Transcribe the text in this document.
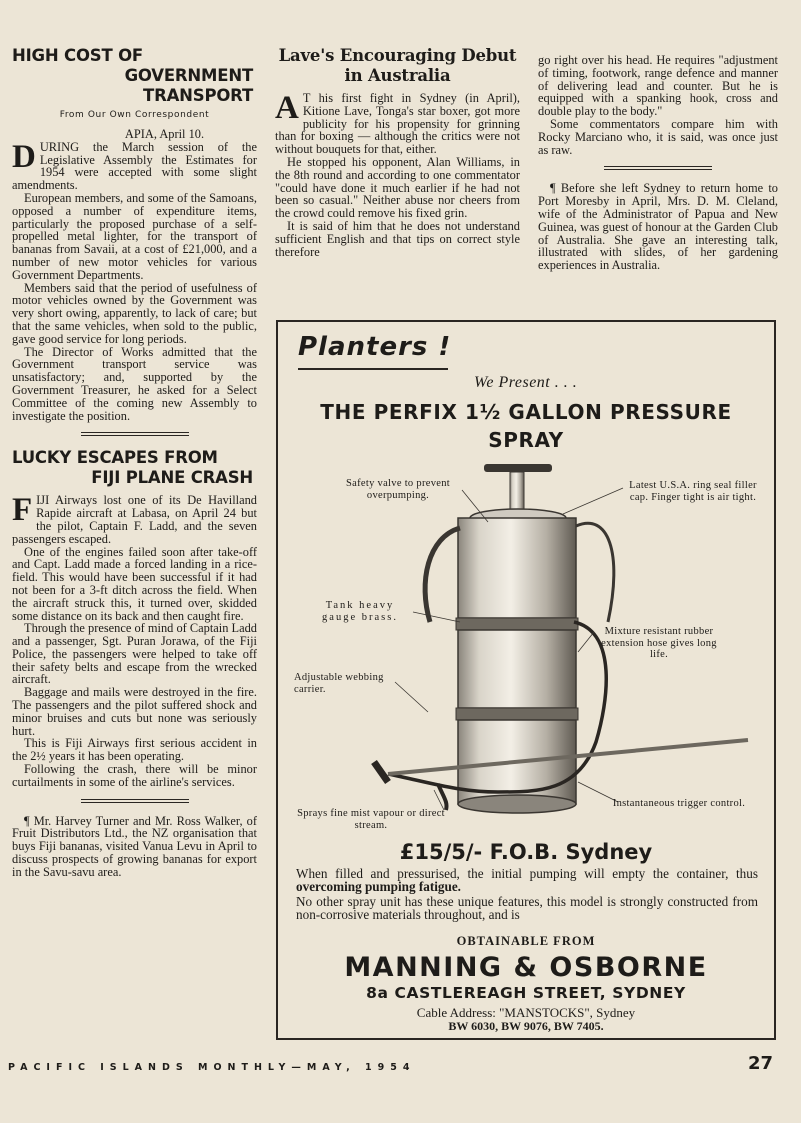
HIGH COST OF
GOVERNMENT TRANSPORT
From Our Own Correspondent

APIA, April 10.

DURING the March session of the Legislative Assembly the Estimates for 1954 were accepted with some slight amendments.

European members, and some of the Samoans, opposed a number of expenditure items, particularly the proposed purchase of a self-propelled metal lighter, for the transport of bananas from Savaii, at a cost of £21,000, and a number of new motor vehicles for various Government Departments.

Members said that the period of usefulness of motor vehicles owned by the Government was very short owing, apparently, to lack of care; but that the same vehicles, when sold to the public, gave good service for long periods.

The Director of Works admitted that the Government transport service was unsatisfactory; and, supported by the Government Treasurer, he asked for a Select Committee of the coming new Assembly to investigate the position.

LUCKY ESCAPES FROM
FIJI PLANE CRASH

FIJI Airways lost one of its De Havilland Rapide aircraft at Labasa, on April 24 but the pilot, Captain F. Ladd, and the seven passengers escaped.

One of the engines failed soon after take-off and Capt. Ladd made a forced landing in a rice-field. This would have been successful if it had not been for a 3-ft ditch across the field. When the aircraft struck this, it turned over, skidded some distance on its back and then caught fire.

Through the presence of mind of Captain Ladd and a passenger, Sgt. Puran Jorawa, of the Fiji Police, the passengers were helped to take off their safety belts and escape from the wrecked aircraft.

Baggage and mails were destroyed in the fire. The passengers and the pilot suffered shock and minor bruises and cuts but none was seriously hurt.

This is Fiji Airways first serious accident in the 2½ years it has been operating.

Following the crash, there will be minor curtailments in some of the airline's services.

¶ Mr. Harvey Turner and Mr. Ross Walker, of Fruit Distributors Ltd., the NZ organisation that buys Fiji bananas, visited Vanua Levu in April to discuss prospects of growing bananas for export in the Savu-savu area.

Lave's Encouraging Debut
in Australia

A T his first fight in Sydney (in April), Kitione Lave, Tonga's star boxer, got more publicity for his propensity for grinning than for boxing — although the critics were not without bouquets for that, either.

He stopped his opponent, Alan Williams, in the 8th round and according to one commentator "could have done it much earlier if he had not been so casual." Neither abuse nor cheers from the crowd could remove his fixed grin.

It is said of him that he does not understand sufficient English and that tips on correct style therefore

go right over his head. He requires "adjustment of timing, footwork, range defence and manner of delivering lead and counter. But he is equipped with a spanking hook, cross and double play to the body."

Some commentators compare him with Rocky Marciano who, it is said, was once just as raw.

¶ Before she left Sydney to return home to Port Moresby in April, Mrs. D. M. Cleland, wife of the Administrator of Papua and New Guinea, was guest of honour at the Garden Club of Australia. She gave an interesting talk, illustrated with slides, of her gardening experiences in Australia.

Planters !
We Present . . .
THE PERFIX 1½ GALLON PRESSURE
SPRAY
Safety valve to prevent overpumping.
Latest U.S.A. ring seal filler cap. Finger tight is air tight.
Tank heavy gauge brass.
Mixture resistant rubber extension hose gives long life.
Adjustable webbing carrier.
Instantaneous trigger control.
Sprays fine mist vapour or direct stream.
£15/5/- F.O.B. Sydney

When filled and pressurised, the initial pumping will empty the container, thus overcoming pumping fatigue.

No other spray unit has these unique features, this model is strongly constructed from non-corrosive materials throughout, and is

OBTAINABLE FROM
MANNING & OSBORNE
8a CASTLEREAGH STREET, SYDNEY
Cable Address: "MANSTOCKS", Sydney
BW 6030, BW 9076, BW 7405.
PACIFIC ISLANDS MONTHLY—MAY, 1954	27
